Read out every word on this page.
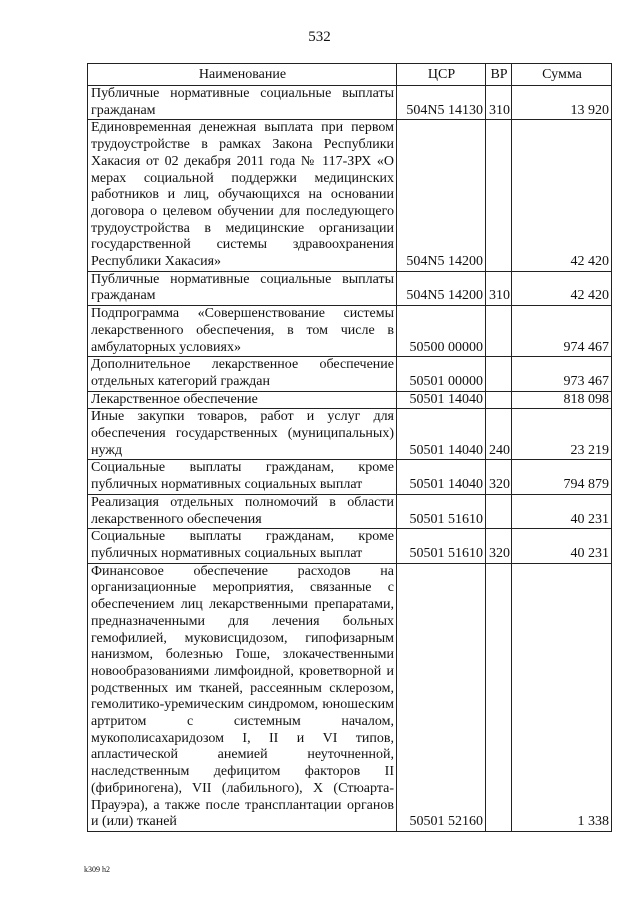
532
Наименование	ЦСР	ВР	Сумма
Публичные нормативные социальные выплаты гражданам	504N5 14130	310	13 920
Единовременная денежная выплата при первом трудоустройстве в рамках Закона Республики Хакасия от 02 декабря 2011 года № 117-ЗРХ «О мерах социальной поддержки медицинских работников и лиц, обучающихся на основании договора о целевом обучении для последующего трудоустройства в медицинские организации государственной системы здравоохранения Республики Хакасия»	504N5 14200		42 420
Публичные нормативные социальные выплаты гражданам	504N5 14200	310	42 420
Подпрограмма «Совершенствование системы лекарственного обеспечения, в том числе в амбулаторных условиях»	50500 00000		974 467
Дополнительное лекарственное обеспечение отдельных категорий граждан	50501 00000		973 467
Лекарственное обеспечение	50501 14040		818 098
Иные закупки товаров, работ и услуг для обеспечения государственных (муниципальных) нужд	50501 14040	240	23 219
Социальные выплаты гражданам, кроме публичных нормативных социальных выплат	50501 14040	320	794 879
Реализация отдельных полномочий в области лекарственного обеспечения	50501 51610		40 231
Социальные выплаты гражданам, кроме публичных нормативных социальных выплат	50501 51610	320	40 231
Финансовое обеспечение расходов на организационные мероприятия, связанные с обеспечением лиц лекарственными препаратами, предназначенными для лечения больных гемофилией, муковисцидозом, гипофизарным нанизмом, болезнью Гоше, злокачественными новообразованиями лимфоидной, кроветворной и родственных им тканей, рассеянным склерозом, гемолитико-уремическим синдромом, юношеским артритом с системным началом, мукополисахаридозом I, II и VI типов, апластической анемией неуточненной, наследственным дефицитом факторов II (фибриногена), VII (лабильного), X (Стюарта-Прауэра), а также после трансплантации органов и (или) тканей	50501 52160		1 338
k309 h2
